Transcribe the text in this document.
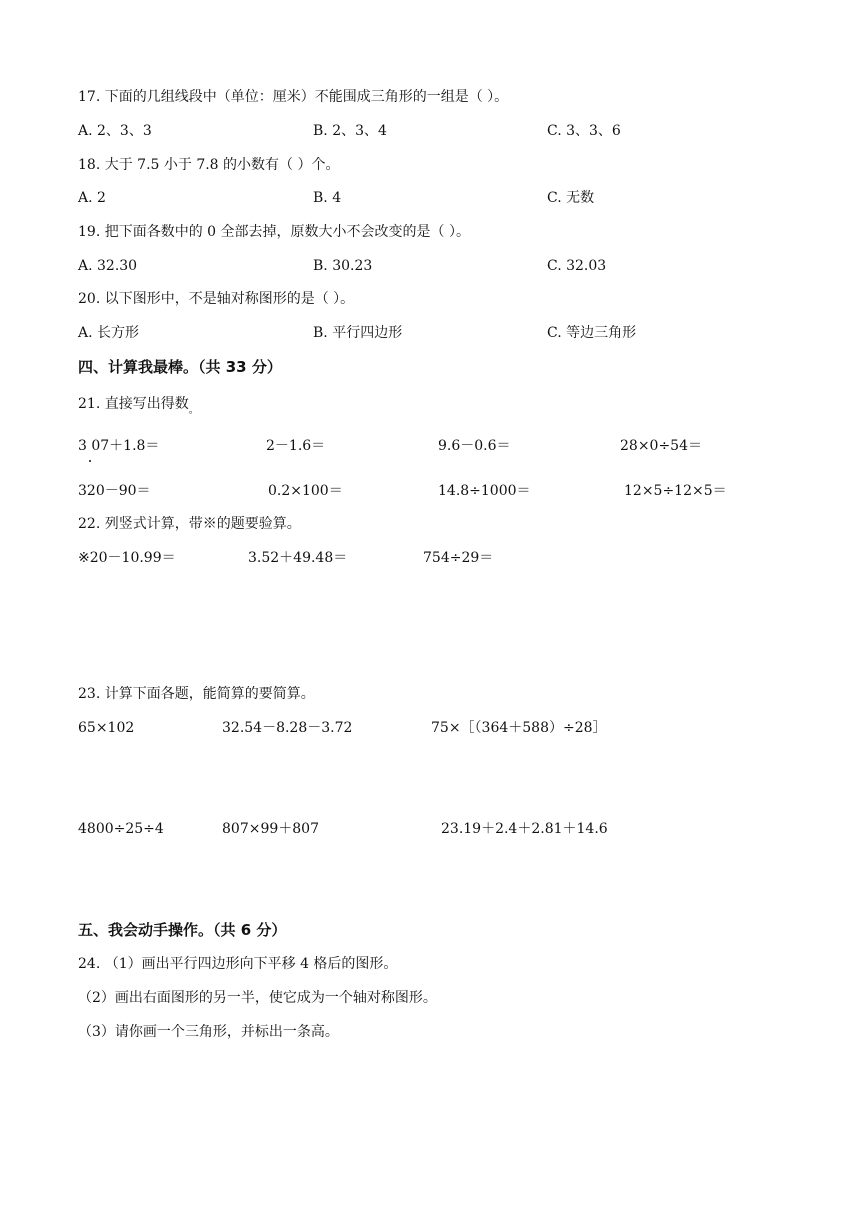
17. 下面的几组线段中（单位：厘米）不能围成三角形的一组是（ ）。
A. 2、3、3	B. 2、3、4	C. 3、3、6
18. 大于 7.5 小于 7.8 的小数有（ ）个。
A. 2	B. 4	C. 无数
19. 把下面各数中的 0 全部去掉，原数大小不会改变的是（ ）。
A. 32.30	B. 30.23	C. 32.03
20. 以下图形中，不是轴对称图形的是（ ）。
A. 长方形	B. 平行四边形	C. 等边三角形
四、计算我最棒。（共 33 分）
21. 直接写出得数$_。$
3 07＋1.8＝	2－1.6＝	9.6－0.6＝	28×0÷54＝
320－90＝	0.2×100＝	14.8÷1000＝	12×5÷12×5＝
22. 列竖式计算，带※的题要验算。
※20－10.99＝	3.52＋49.48＝	754÷29＝
23. 计算下面各题，能简算的要简算。
65×102	32.54－8.28－3.72	75×［（364＋588）÷28］
4800÷25÷4	807×99＋807	23.19＋2.4＋2.81＋14.6
五、我会动手操作。（共 6 分）
24. （1）画出平行四边形向下平移 4 格后的图形。
（2）画出右面图形的另一半，使它成为一个轴对称图形。
（3）请你画一个三角形，并标出一条高。
